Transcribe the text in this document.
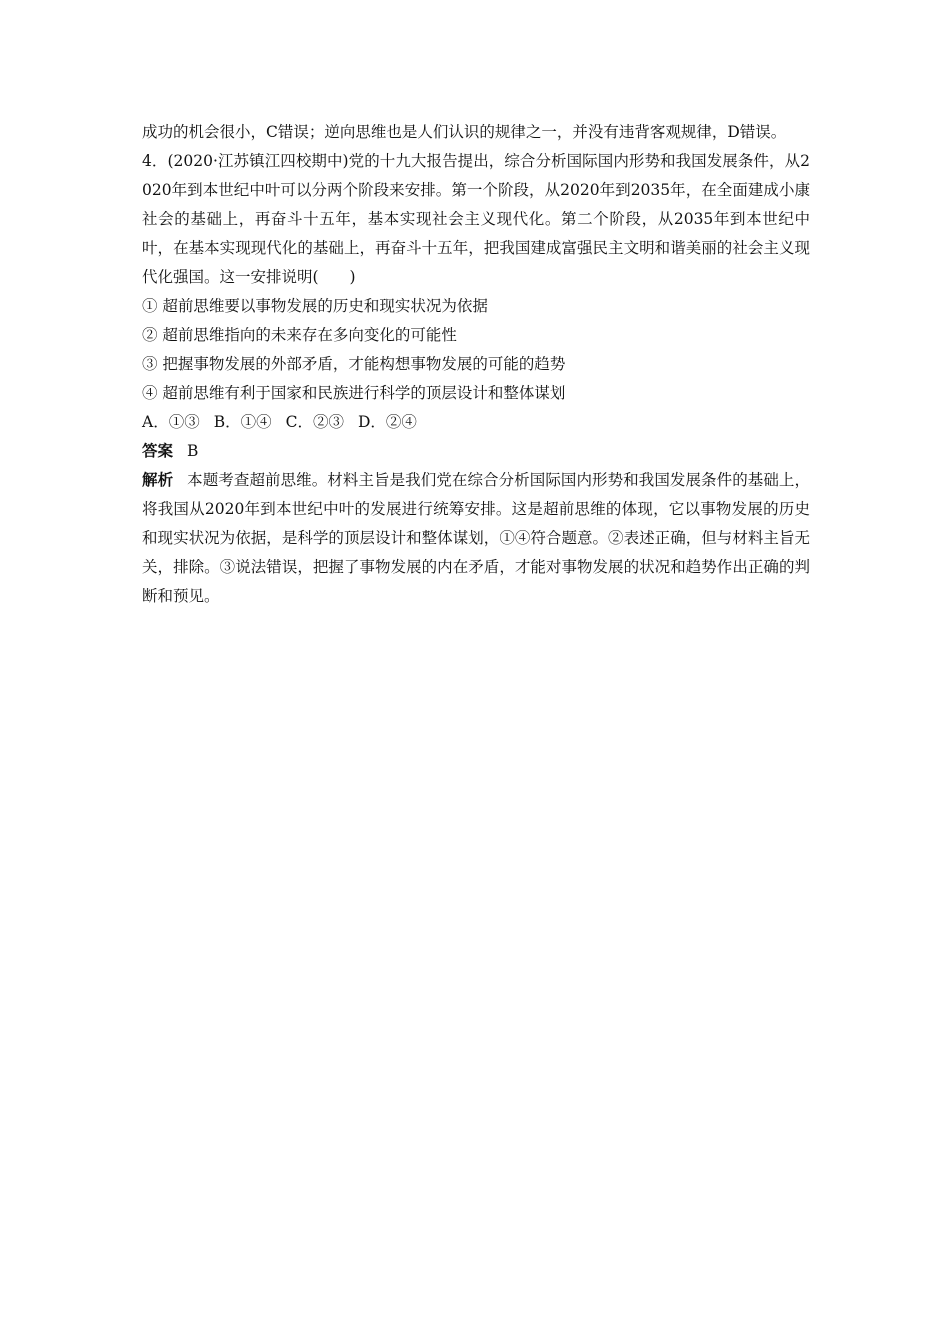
成功的机会很小，C错误；逆向思维也是人们认识的规律之一，并没有违背客观规律，D错误。

4．(2020·江苏镇江四校期中)党的十九大报告提出，综合分析国际国内形势和我国发展条件，从2020年到本世纪中叶可以分两个阶段来安排。第一个阶段，从2020年到2035年，在全面建成小康社会的基础上，再奋斗十五年，基本实现社会主义现代化。第二个阶段，从2035年到本世纪中叶，在基本实现现代化的基础上，再奋斗十五年，把我国建成富强民主文明和谐美丽的社会主义现代化强国。这一安排说明(　　)

① 超前思维要以事物发展的历史和现实状况为依据

② 超前思维指向的未来存在多向变化的可能性

③ 把握事物发展的外部矛盾，才能构想事物发展的可能的趋势

④ 超前思维有利于国家和民族进行科学的顶层设计和整体谋划

A．①③ B．①④ C．②③ D．②④

答案 B

解析 本题考查超前思维。材料主旨是我们党在综合分析国际国内形势和我国发展条件的基础上，将我国从2020年到本世纪中叶的发展进行统筹安排。这是超前思维的体现，它以事物发展的历史和现实状况为依据，是科学的顶层设计和整体谋划，①④符合题意。②表述正确，但与材料主旨无关，排除。③说法错误，把握了事物发展的内在矛盾，才能对事物发展的状况和趋势作出正确的判断和预见。
